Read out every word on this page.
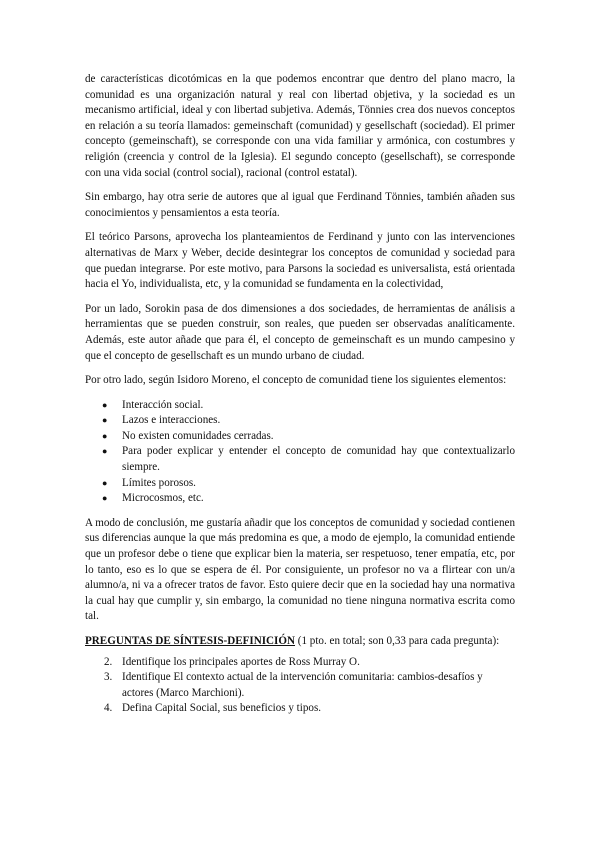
de características dicotómicas en la que podemos encontrar que dentro del plano macro, la comunidad es una organización natural y real con libertad objetiva, y la sociedad es un mecanismo artificial, ideal y con libertad subjetiva. Además, Tönnies crea dos nuevos conceptos en relación a su teoría llamados: gemeinschaft (comunidad) y gesellschaft (sociedad). El primer concepto (gemeinschaft), se corresponde con una vida familiar y armónica, con costumbres y religión (creencia y control de la Iglesia). El segundo concepto (gesellschaft), se corresponde con una vida social (control social), racional (control estatal).

Sin embargo, hay otra serie de autores que al igual que Ferdinand Tönnies, también añaden sus conocimientos y pensamientos a esta teoría.

El teórico Parsons, aprovecha los planteamientos de Ferdinand y junto con las intervenciones alternativas de Marx y Weber, decide desintegrar los conceptos de comunidad y sociedad para que puedan integrarse. Por este motivo, para Parsons la sociedad es universalista, está orientada hacia el Yo, individualista, etc, y la comunidad se fundamenta en la colectividad,

Por un lado, Sorokin pasa de dos dimensiones a dos sociedades, de herramientas de análisis a herramientas que se pueden construir, son reales, que pueden ser observadas analíticamente. Además, este autor añade que para él, el concepto de gemeinschaft es un mundo campesino y que el concepto de gesellschaft es un mundo urbano de ciudad.

Por otro lado, según Isidoro Moreno, el concepto de comunidad tiene los siguientes elementos:

● Interacción social.
● Lazos e interacciones.
● No existen comunidades cerradas.
● Para poder explicar y entender el concepto de comunidad hay que contextualizarlo siempre.
● Límites porosos.
● Microcosmos, etc.

A modo de conclusión, me gustaría añadir que los conceptos de comunidad y sociedad contienen sus diferencias aunque la que más predomina es que, a modo de ejemplo, la comunidad entiende que un profesor debe o tiene que explicar bien la materia, ser respetuoso, tener empatía, etc, por lo tanto, eso es lo que se espera de él. Por consiguiente, un profesor no va a flirtear con un/a alumno/a, ni va a ofrecer tratos de favor. Esto quiere decir que en la sociedad hay una normativa la cual hay que cumplir y, sin embargo, la comunidad no tiene ninguna normativa escrita como tal.

PREGUNTAS DE SÍNTESIS-DEFINICIÓN (1 pto. en total; son 0,33 para cada pregunta):
2. Identifique los principales aportes de Ross Murray O.
3. Identifique El contexto actual de la intervención comunitaria: cambios-desafíos y actores (Marco Marchioni).
4. Defina Capital Social, sus beneficios y tipos.
